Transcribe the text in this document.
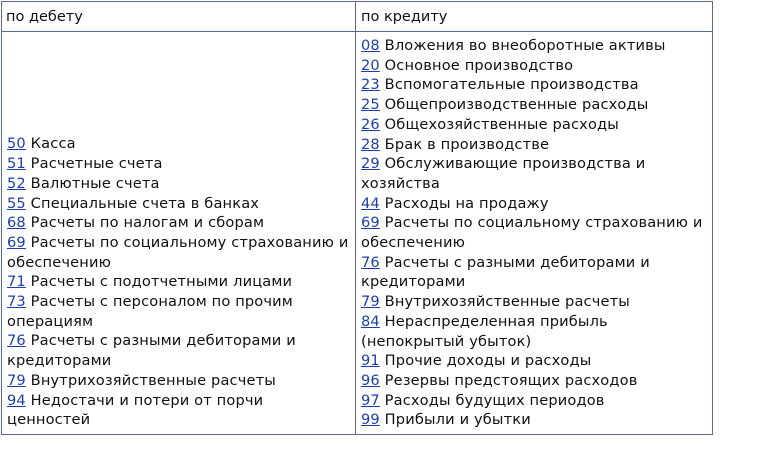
по дебету	по кредиту
50 Касса
51 Расчетные счета
52 Валютные счета
55 Специальные счета в банках
68 Расчеты по налогам и сборам
69 Расчеты по социальному страхованию и обеспечению
71 Расчеты с подотчетными лицами
73 Расчеты с персоналом по прочим операциям
76 Расчеты с разными дебиторами и кредиторами
79 Внутрихозяйственные расчеты
94 Недостачи и потери от порчи ценностей
08 Вложения во внеоборотные активы
20 Основное производство
23 Вспомогательные производства
25 Общепроизводственные расходы
26 Общехозяйственные расходы
28 Брак в производстве
29 Обслуживающие производства и хозяйства
44 Расходы на продажу
69 Расчеты по социальному страхованию и обеспечению
76 Расчеты с разными дебиторами и кредиторами
79 Внутрихозяйственные расчеты
84 Нераспределенная прибыль (непокрытый убыток)
91 Прочие доходы и расходы
96 Резервы предстоящих расходов
97 Расходы будущих периодов
99 Прибыли и убытки
